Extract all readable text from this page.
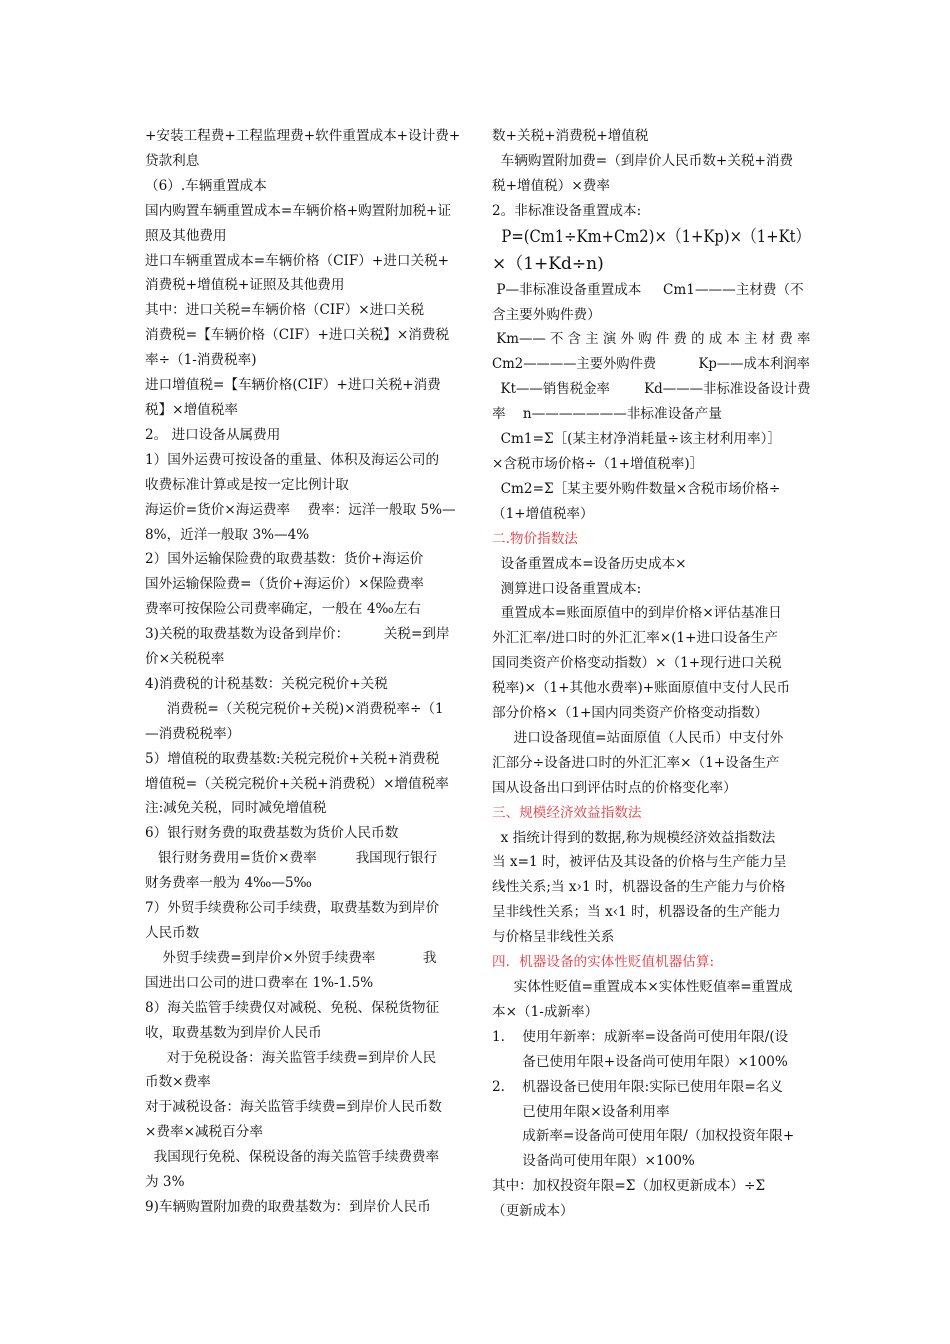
+安装工程费+工程监理费+软件重置成本+设计费+
贷款利息
（6）.车辆重置成本
国内购置车辆重置成本=车辆价格+购置附加税+证
照及其他费用
进口车辆重置成本=车辆价格（CIF）+进口关税+
消费税+增值税+证照及其他费用
其中：进口关税=车辆价格（CIF）×进口关税
消费税=【车辆价格（CIF）+进口关税】×消费税
率÷（1-消费税率)
进口增值税=【车辆价格(CIF）+进口关税+消费
税】×增值税率
2。 进口设备从属费用
1）国外运费可按设备的重量、体积及海运公司的
收费标准计算或是按一定比例计取
海运价=货价×海运费率    费率：远洋一般取 5%—
8%，近洋一般取 3%—4%
2）国外运输保险费的取费基数：货价+海运价
国外运输保险费=（货价+海运价）×保险费率
费率可按保险公司费率确定，一般在 4‰左右
3)关税的取费基数为设备到岸价：        关税=到岸
价×关税税率
4)消费税的计税基数：关税完税价+关税
消费税=（关税完税价+关税)×消费税率÷（1
—消费税税率）
5）增值税的取费基数:关税完税价+关税+消费税
增值税=（关税完税价+关税+消费税）×增值税率
注:减免关税，同时减免增值税
6）银行财务费的取费基数为货价人民币数
银行财务费用=货价×费率         我国现行银行
财务费率一般为 4‰—5‰
7）外贸手续费称公司手续费，取费基数为到岸价
人民币数
外贸手续费=到岸价×外贸手续费率           我
国进出口公司的进口费率在 1%-1.5%
8）海关监管手续费仅对减税、免税、保税货物征
收，取费基数为到岸价人民币
对于免税设备：海关监管手续费=到岸价人民
币数×费率
对于减税设备：海关监管手续费=到岸价人民币数
×费率×减税百分率
我国现行免税、保税设备的海关监管手续费费率
为 3%
9)车辆购置附加费的取费基数为：到岸价人民币
数+关税+消费税+增值税
车辆购置附加费=（到岸价人民币数+关税+消费
税+增值税）×费率
2。非标准设备重置成本:
P=(Cm1÷Km+Cm2)×（1+Kp)×（1+Kt）
×（1+Kd÷n)
P—非标准设备重置成本     Cm1———主材费（不
含主要外购件费）
Km—— 不 含 主 演 外 购 件 费 的 成 本 主 材 费 率
Cm2————主要外购件费          Kp——成本利润率
Kt——销售税金率        Kd———非标准设备设计费
率    n———————非标准设备产量
Cm1=Σ［(某主材净消耗量÷该主材利用率）］
×含税市场价格÷（1+增值税率)］
Cm2=Σ［某主要外购件数量×含税市场价格÷
（1+增值税率）
二.物价指数法
设备重置成本=设备历史成本×
测算进口设备重置成本:
重置成本=账面原值中的到岸价格×评估基准日
外汇汇率/进口时的外汇汇率×(1+进口设备生产
国同类资产价格变动指数）×（1+现行进口关税
税率)×（1+其他水费率)+账面原值中支付人民币
部分价格×（1+国内同类资产价格变动指数）
进口设备现值=站面原值（人民币）中支付外
汇部分÷设备进口时的外汇汇率×（1+设备生产
国从设备出口到评估时点的价格变化率）
三、规模经济效益指数法
x 指统计得到的数据,称为规模经济效益指数法
当 x=1 时，被评估及其设备的价格与生产能力呈
线性关系;当 x›1 时，机器设备的生产能力与价格
呈非线性关系；当 x‹1 时，机器设备的生产能力
与价格呈非线性关系
四．机器设备的实体性贬值机器估算:
实体性贬值=重置成本×实体性贬值率=重置成
本×（1-成新率）
1.    使用年新率：成新率=设备尚可使用年限/(设
备已使用年限+设备尚可使用年限）×100%
2.    机器设备已使用年限:实际已使用年限=名义
已使用年限×设备利用率
成新率=设备尚可使用年限/（加权投资年限+
设备尚可使用年限）×100%
其中：加权投资年限=Σ（加权更新成本）÷Σ
（更新成本）
